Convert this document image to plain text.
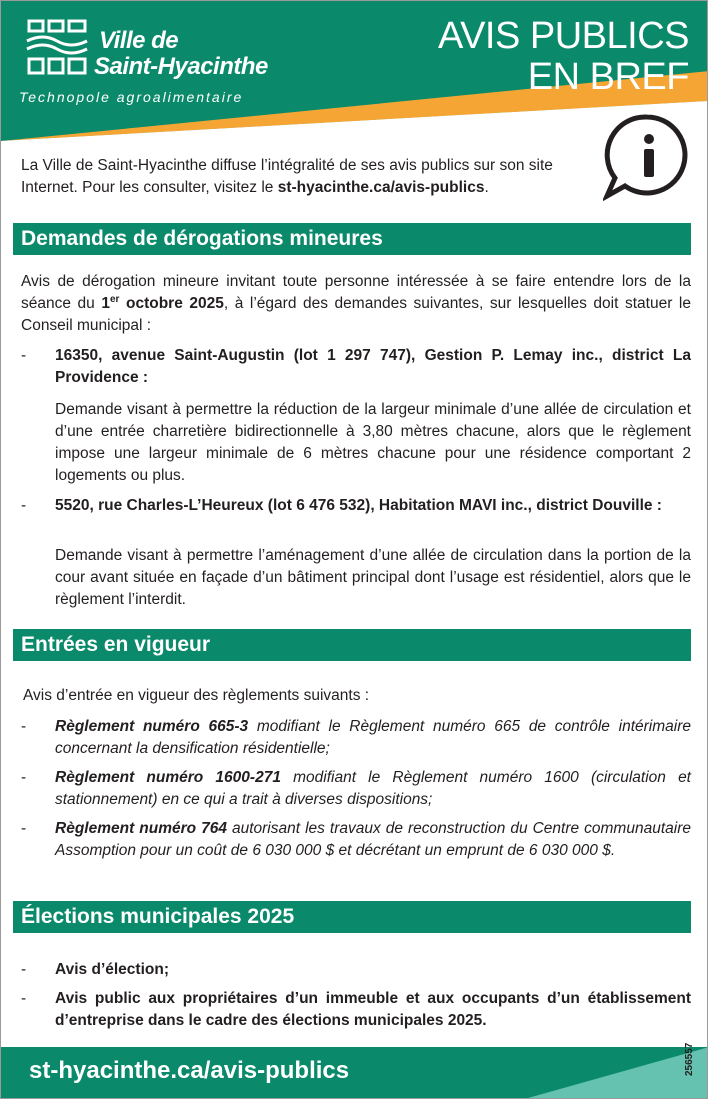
Ville de
Saint-Hyacinthe
Technopole agroalimentaire
AVIS PUBLICS
EN BREF
La Ville de Saint-Hyacinthe diffuse l’intégralité de ses avis publics sur son site Internet. Pour les consulter, visitez le st-hyacinthe.ca/avis-publics.
Demandes de dérogations mineures
Avis de dérogation mineure invitant toute personne intéressée à se faire entendre lors de la séance du 1er octobre 2025, à l’égard des demandes suivantes, sur lesquelles doit statuer le Conseil municipal :
- 16350, avenue Saint-Augustin (lot 1 297 747), Gestion P. Lemay inc., district La Providence :
Demande visant à permettre la réduction de la largeur minimale d’une allée de circulation et d’une entrée charretière bidirectionnelle à 3,80 mètres chacune, alors que le règlement impose une largeur minimale de 6 mètres chacune pour une résidence comportant 2 logements ou plus.
- 5520, rue Charles-L’Heureux (lot 6 476 532), Habitation MAVI inc., district Douville :
Demande visant à permettre l’aménagement d’une allée de circulation dans la portion de la cour avant située en façade d’un bâtiment principal dont l’usage est résidentiel, alors que le règlement l’interdit.
Entrées en vigueur
Avis d’entrée en vigueur des règlements suivants :
- Règlement numéro 665-3 modifiant le Règlement numéro 665 de contrôle intérimaire concernant la densification résidentielle;
- Règlement numéro 1600-271 modifiant le Règlement numéro 1600 (circulation et stationnement) en ce qui a trait à diverses dispositions;
- Règlement numéro 764 autorisant les travaux de reconstruction du Centre communautaire Assomption pour un coût de 6 030 000 $ et décrétant un emprunt de 6 030 000 $.
Élections municipales 2025
- Avis d’élection;
- Avis public aux propriétaires d’un immeuble et aux occupants d’un établissement d’entreprise dans le cadre des élections municipales 2025.
st-hyacinthe.ca/avis-publics	256557
